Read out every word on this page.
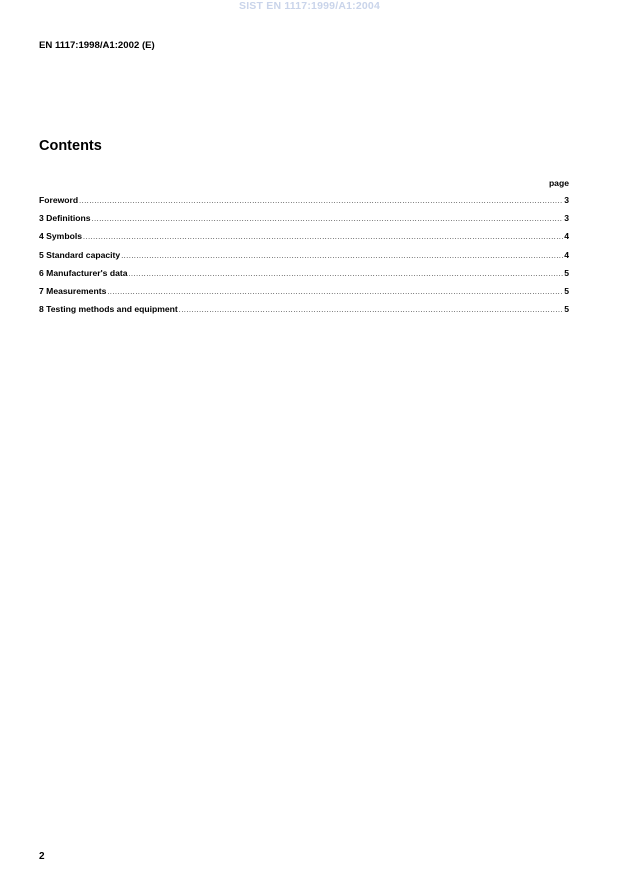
SIST EN 1117:1999/A1:2004
EN 1117:1998/A1:2002 (E)
Contents
page
Foreword .....	3
3 Definitions .....	3
4 Symbols .....	4
5 Standard capacity .....	4
6 Manufacturer's data .....	5
7 Measurements .....	5
8 Testing methods and equipment .....	5
2
